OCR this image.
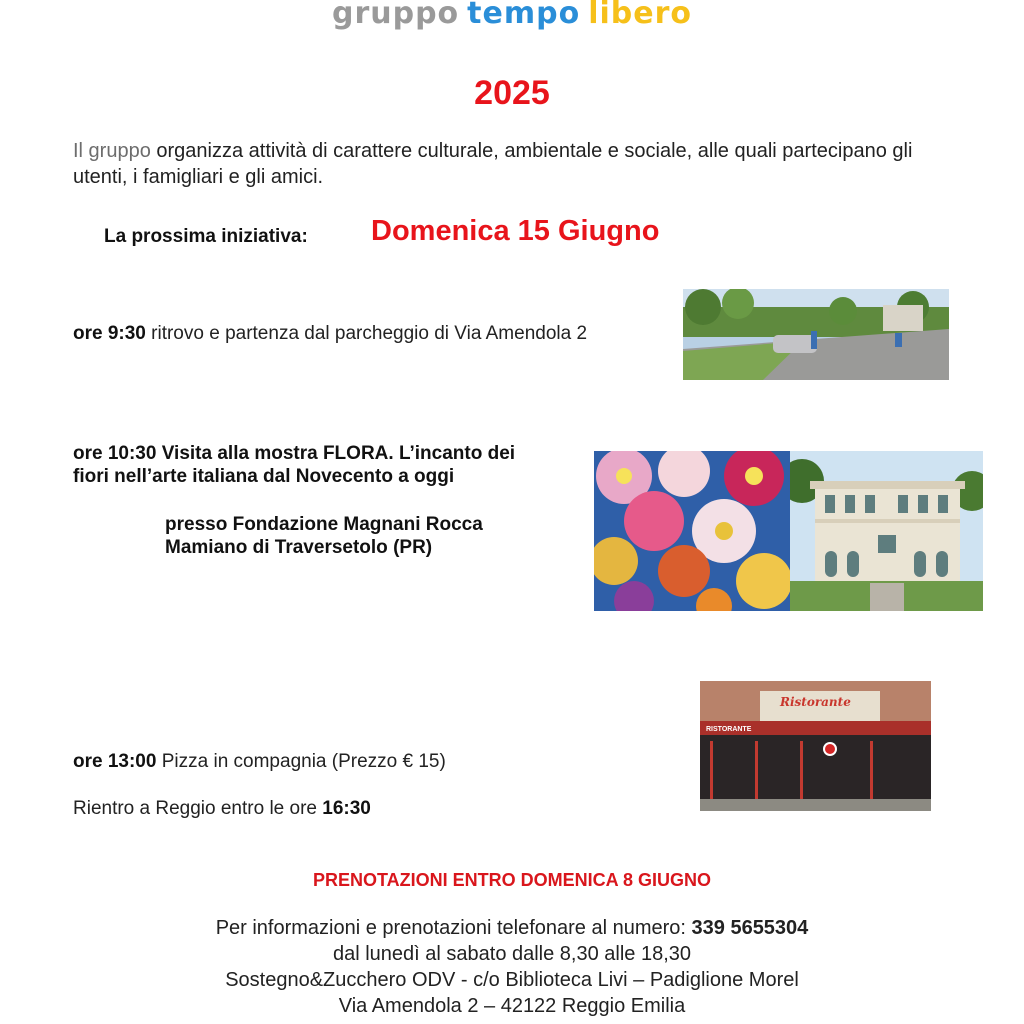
gruppo tempo libero
2025
Il gruppo organizza attività di carattere culturale, ambientale e sociale, alle quali partecipano gli utenti, i famigliari e gli amici.
La prossima iniziativa: Domenica 15 Giugno
ore 9:30 ritrovo e partenza dal parcheggio di Via Amendola 2
ore 10:30 Visita alla mostra FLORA. L’incanto dei
fiori nell’arte italiana dal Novecento a oggi
presso Fondazione Magnani Rocca
Mamiano di Traversetolo (PR)
Ristorante
RISTORANTE
ore 13:00 Pizza in compagnia (Prezzo € 15)
Rientro a Reggio entro le ore 16:30
PRENOTAZIONI ENTRO DOMENICA 8 GIUGNO
Per informazioni e prenotazioni telefonare al numero: 339 5655304
dal lunedì al sabato dalle 8,30 alle 18,30
Sostegno&Zucchero ODV - c/o Biblioteca Livi – Padiglione Morel
Via Amendola 2 – 42122 Reggio Emilia
